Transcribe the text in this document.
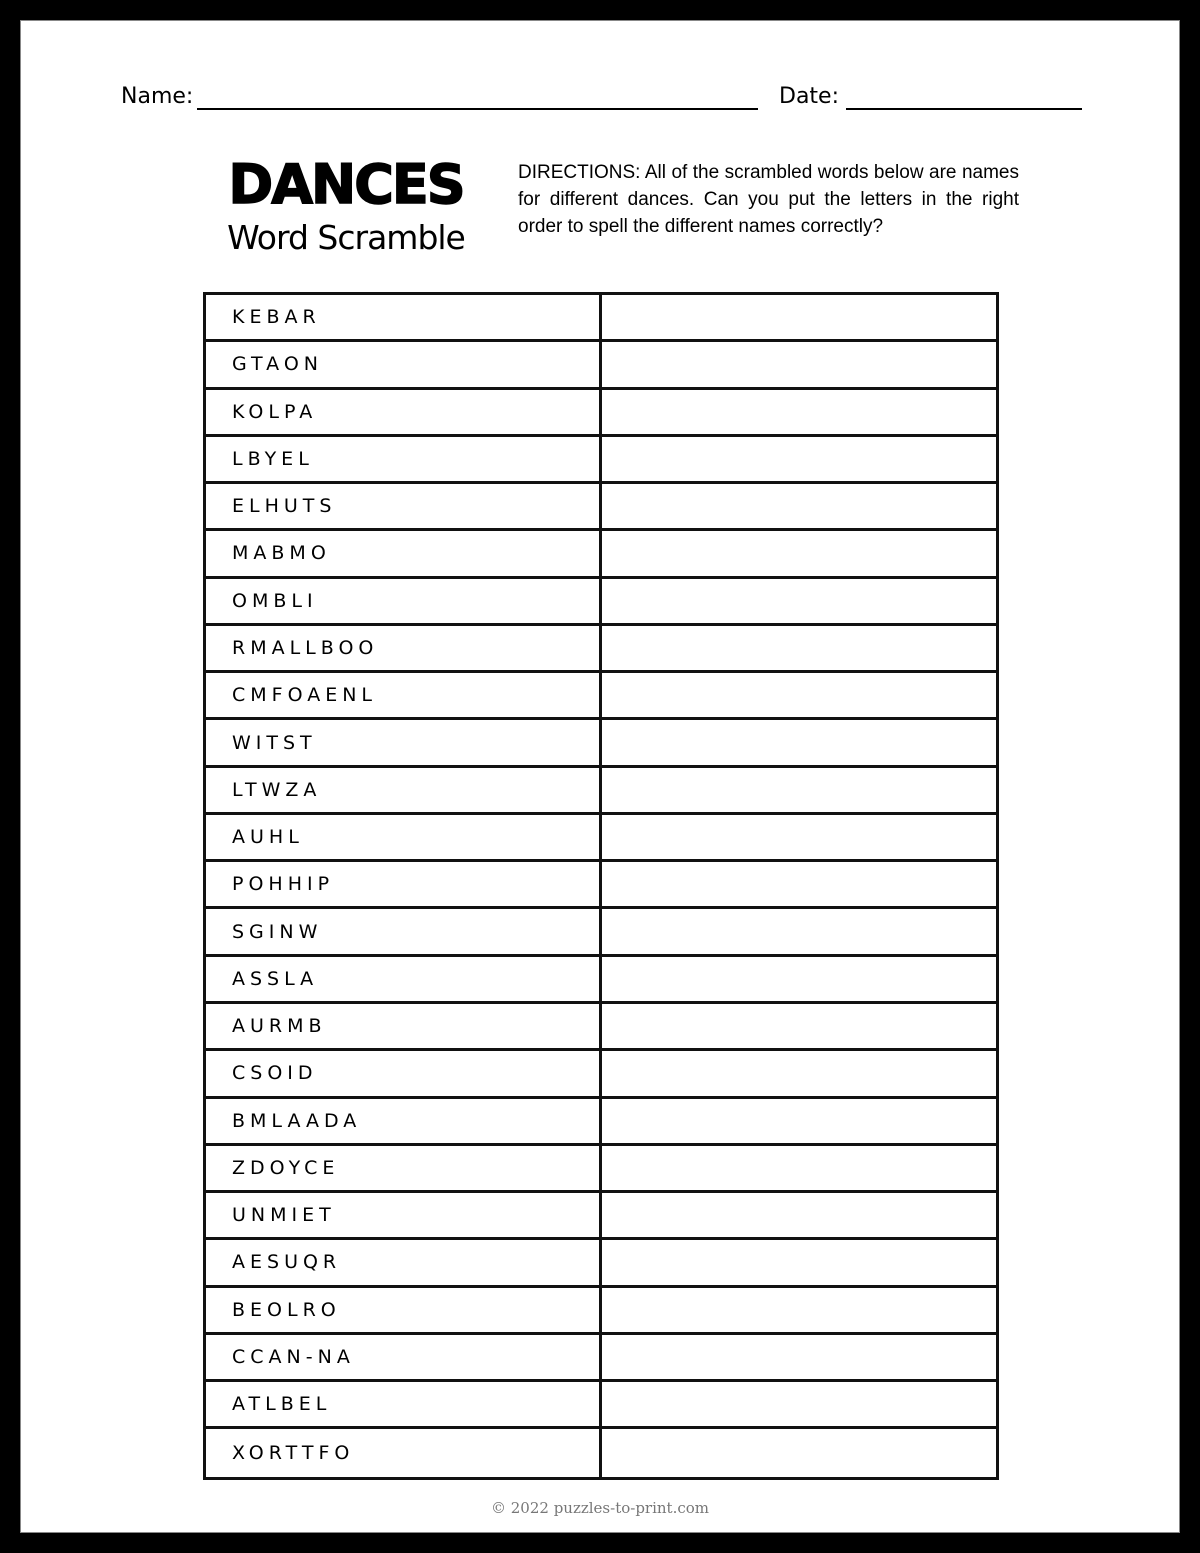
Name:	Date:
DANCES
Word Scramble
DIRECTIONS: All of the scrambled words below are names for different dances. Can you put the letters in the right order to spell the different names correctly?
KEBAR
GTAON
KOLPA
LBYEL
ELHUTS
MABMO
OMBLI
RMALLBOO
CMFOAENL
WITST
LTWZA
AUHL
POHHIP
SGINW
ASSLA
AURMB
CSOID
BMLAADA
ZDOYCE
UNMIET
AESUQR
BEOLRO
CCAN-NA
ATLBEL
XORTTFO
© 2022 puzzles-to-print.com
